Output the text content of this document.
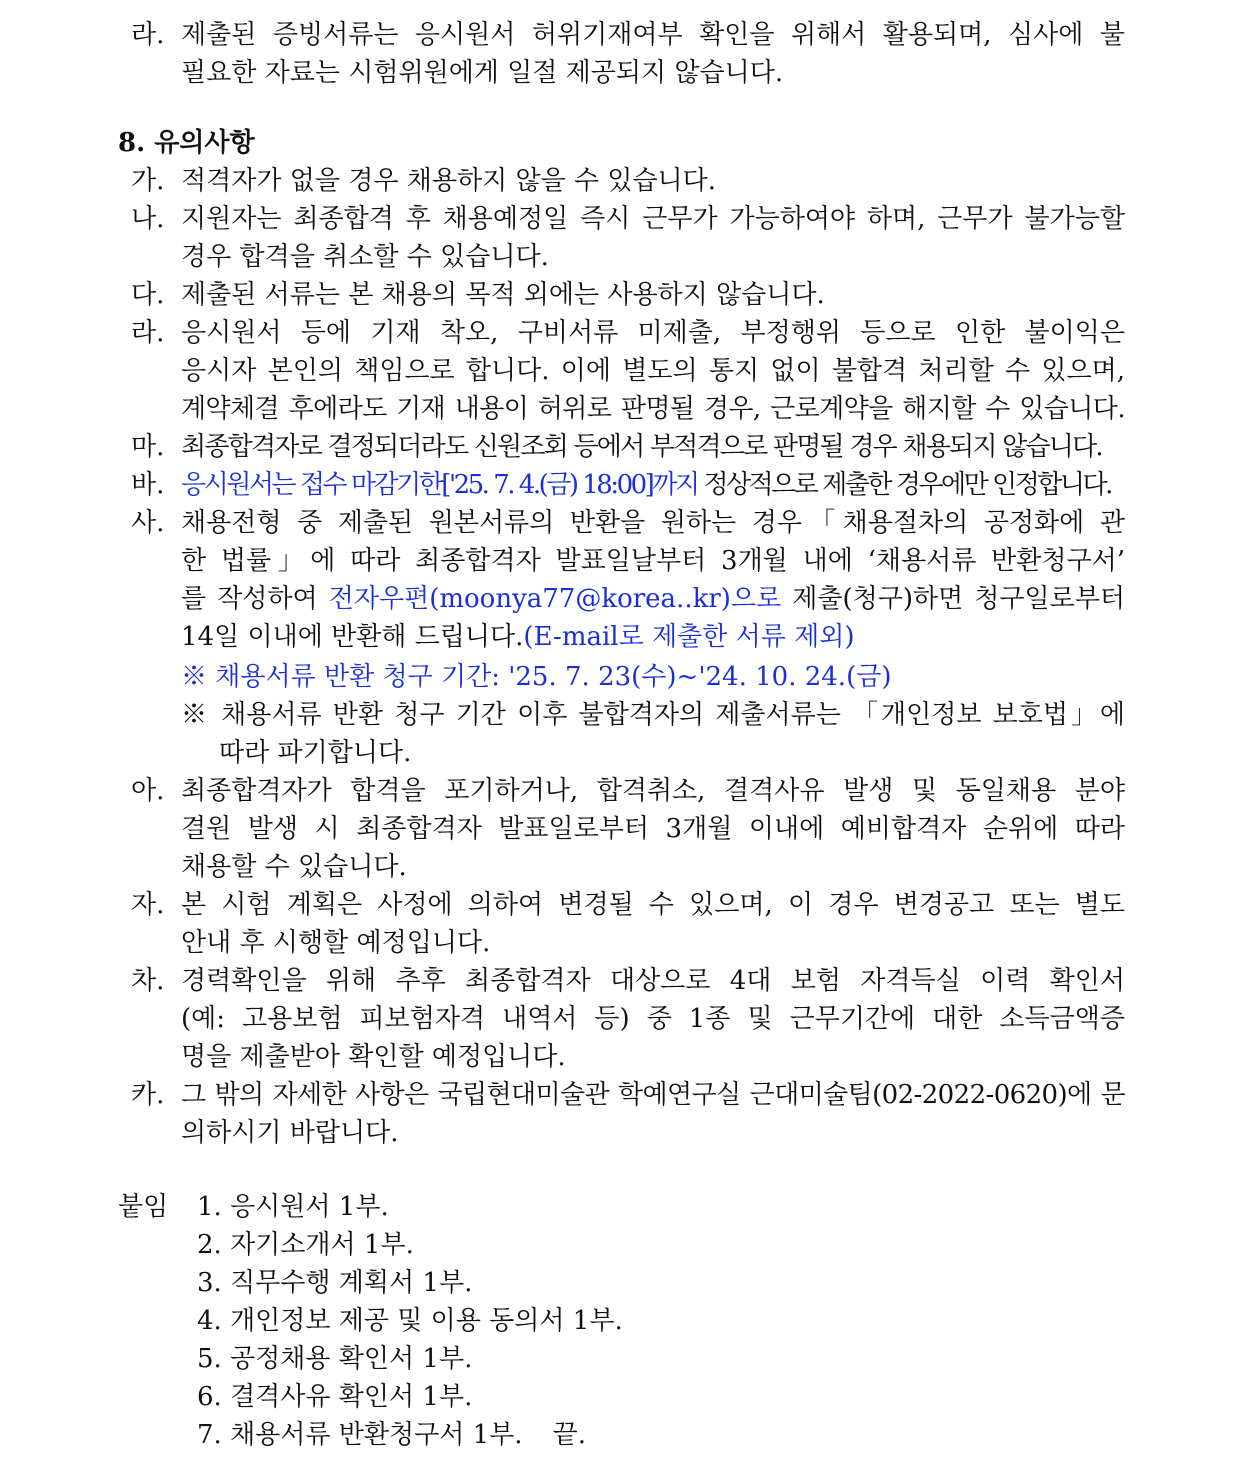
라. 제출된 증빙서류는 응시원서 허위기재여부 확인을 위해서 활용되며, 심사에 불
필요한 자료는 시험위원에게 일절 제공되지 않습니다.
8. 유의사항
가. 적격자가 없을 경우 채용하지 않을 수 있습니다.
나. 지원자는 최종합격 후 채용예정일 즉시 근무가 가능하여야 하며, 근무가 불가능할
경우 합격을 취소할 수 있습니다.
다. 제출된 서류는 본 채용의 목적 외에는 사용하지 않습니다.
라. 응시원서 등에 기재 착오, 구비서류 미제출, 부정행위 등으로 인한 불이익은
응시자 본인의 책임으로 합니다. 이에 별도의 통지 없이 불합격 처리할 수 있으며,
계약체결 후에라도 기재 내용이 허위로 판명될 경우, 근로계약을 해지할 수 있습니다.
마. 최종합격자로 결정되더라도 신원조회 등에서 부적격으로 판명될 경우 채용되지 않습니다.
바. 응시원서는 접수 마감기한['25. 7. 4.(금) 18:00]까지 정상적으로 제출한 경우에만 인정합니다.
사. 채용전형 중 제출된 원본서류의 반환을 원하는 경우「채용절차의 공정화에 관
한 법률」에 따라 최종합격자 발표일날부터 3개월 내에 ‘채용서류 반환청구서’
를 작성하여 전자우편(moonya77@korea..kr)으로 제출(청구)하면 청구일로부터
14일 이내에 반환해 드립니다.(E-mail로 제출한 서류 제외)
※ 채용서류 반환 청구 기간: '25. 7. 23(수)~'24. 10. 24.(금)
※ 채용서류 반환 청구 기간 이후 불합격자의 제출서류는 「개인정보 보호법」에
따라 파기합니다.
아. 최종합격자가 합격을 포기하거나, 합격취소, 결격사유 발생 및 동일채용 분야
결원 발생 시 최종합격자 발표일로부터 3개월 이내에 예비합격자 순위에 따라
채용할 수 있습니다.
자. 본 시험 계획은 사정에 의하여 변경될 수 있으며, 이 경우 변경공고 또는 별도
안내 후 시행할 예정입니다.
차. 경력확인을 위해 추후 최종합격자 대상으로 4대 보험 자격득실 이력 확인서
(예: 고용보험 피보험자격 내역서 등) 중 1종 및 근무기간에 대한 소득금액증
명을 제출받아 확인할 예정입니다.
카. 그 밖의 자세한 사항은 국립현대미술관 학예연구실 근대미술팀(02-2022-0620)에 문
의하시기 바랍니다.
붙임 1. 응시원서 1부.
2. 자기소개서 1부.
3. 직무수행 계획서 1부.
4. 개인정보 제공 및 이용 동의서 1부.
5. 공정채용 확인서 1부.
6. 결격사유 확인서 1부.
7. 채용서류 반환청구서 1부. 끝.
